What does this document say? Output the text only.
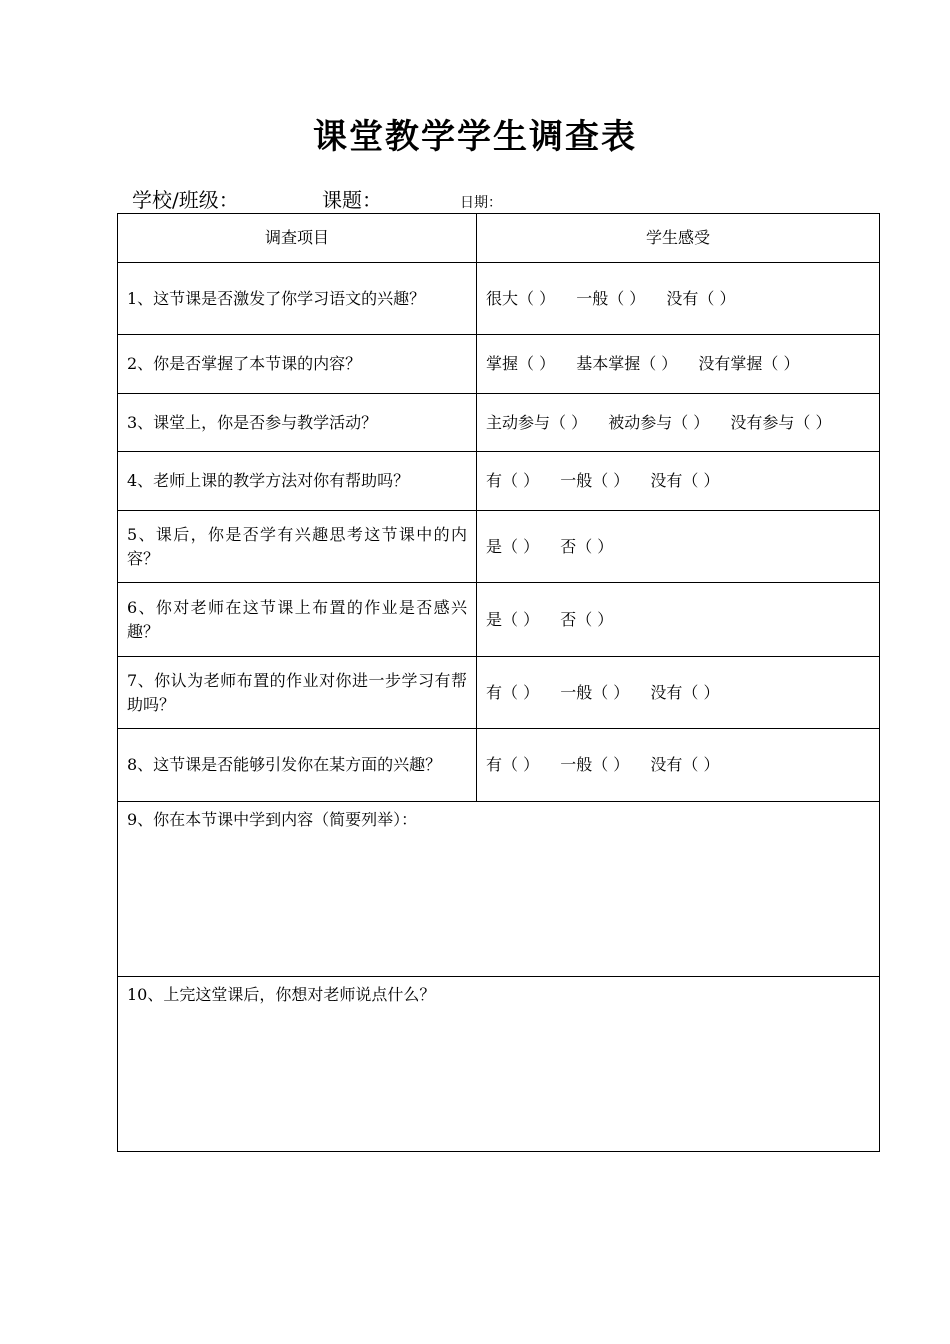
课堂教学学生调查表
学校/班级：	课题：	日期：
调查项目	学生感受
1、这节课是否激发了你学习语文的兴趣？	很大（ ） 一般（ ） 没有（ ）
2、你是否掌握了本节课的内容？	掌握（ ） 基本掌握（ ） 没有掌握（ ）
3、课堂上，你是否参与教学活动？	主动参与（ ） 被动参与（ ） 没有参与（ ）
4、老师上课的教学方法对你有帮助吗？	有（ ） 一般（ ） 没有（ ）
5、课后，你是否学有兴趣思考这节课中的内容？	是（ ） 否（ ）
6、你对老师在这节课上布置的作业是否感兴趣？	是（ ） 否（ ）
7、你认为老师布置的作业对你进一步学习有帮助吗？	有（ ） 一般（ ） 没有（ ）
8、这节课是否能够引发你在某方面的兴趣？	有（ ） 一般（ ） 没有（ ）
9、你在本节课中学到内容（简要列举）：	
10、上完这堂课后，你想对老师说点什么？	
